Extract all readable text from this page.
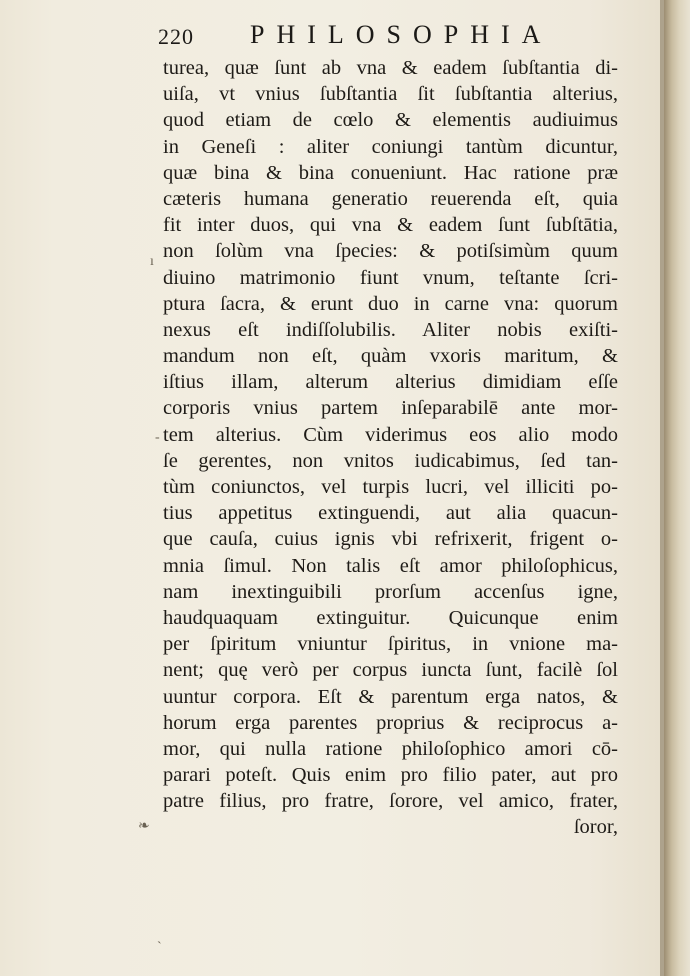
220 PHILOSOPHIA
turea, quæ ſunt ab vna & eadem ſubſtantia di-
uiſa, vt vnius ſubſtantia ſit ſubſtantia alterius,
quod etiam de cœlo & elementis audiuimus
in Geneſi : aliter coniungi tantùm dicuntur,
quæ bina & bina conueniunt. Hac ratione præ
cæteris humana generatio reuerenda eſt, quia
fit inter duos, qui vna & eadem ſunt ſubſtātia,
non ſolùm vna ſpecies: & potiſsimùm quum
diuino matrimonio fiunt vnum, teſtante ſcri-
ptura ſacra, & erunt duo in carne vna: quorum
nexus eſt indiſſolubilis. Aliter nobis exiſti-
mandum non eſt, quàm vxoris maritum, &
iſtius illam, alterum alterius dimidiam eſſe
corporis vnius partem inſeparabilē ante mor-
tem alterius. Cùm viderimus eos alio modo
ſe gerentes, non vnitos iudicabimus, ſed tan-
tùm coniunctos, vel turpis lucri, vel illiciti po-
tius appetitus extinguendi, aut alia quacun-
que cauſa, cuius ignis vbi refrixerit, frigent o-
mnia ſimul. Non talis eſt amor philoſophicus,
nam inextinguibili prorſum accenſus igne,
haudquaquam extinguitur. Quicunque enim
per ſpiritum vniuntur ſpiritus, in vnione ma-
nent; quę verò per corpus iuncta ſunt, facilè ſol
uuntur corpora. Eſt & parentum erga natos, &
horum erga parentes proprius & reciprocus a-
mor, qui nulla ratione philoſophico amori cō-
parari poteſt. Quis enim pro filio pater, aut pro
patre filius, pro fratre, ſorore, vel amico, frater,
ſoror,
ı
-
❧
ˋ
